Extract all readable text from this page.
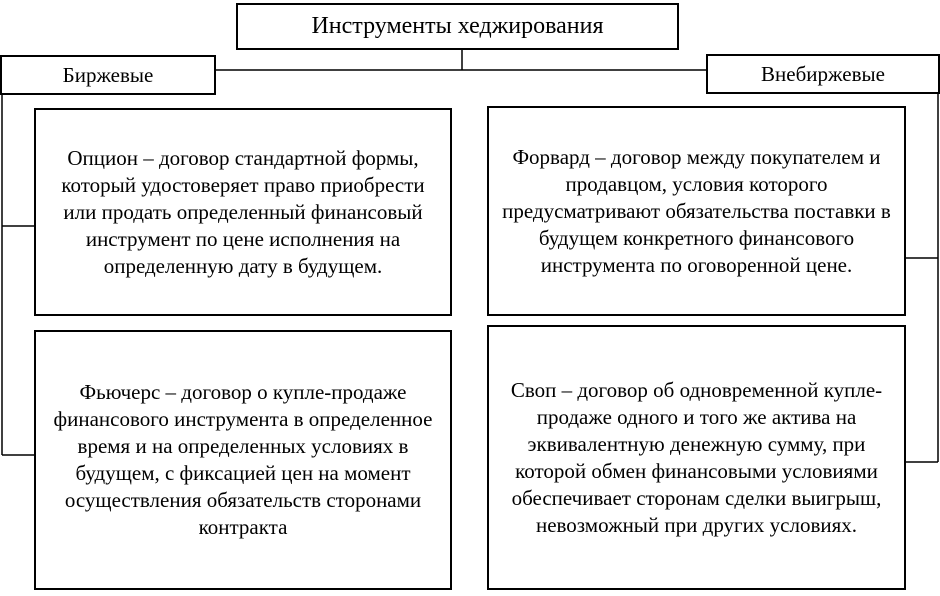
Инструменты хеджирования
Биржевые	Внебиржевые
Опцион – договор стандартной формы, который удостоверяет право приобрести или продать определенный финансовый инструмент по цене исполнения на определенную дату в будущем.
Фьючерс – договор о купле-продаже финансового инструмента в определенное время и на определенных условиях в будущем, с фиксацией цен на момент осуществления обязательств сторонами контракта
Форвард – договор между покупателем и продавцом, условия которого предусматривают обязательства поставки в будущем конкретного финансового инструмента по оговоренной цене.
Своп – договор об одновременной купле-продаже одного и того же актива на эквивалентную денежную сумму, при которой обмен финансовыми условиями обеспечивает сторонам сделки выигрыш, невозможный при других условиях.
